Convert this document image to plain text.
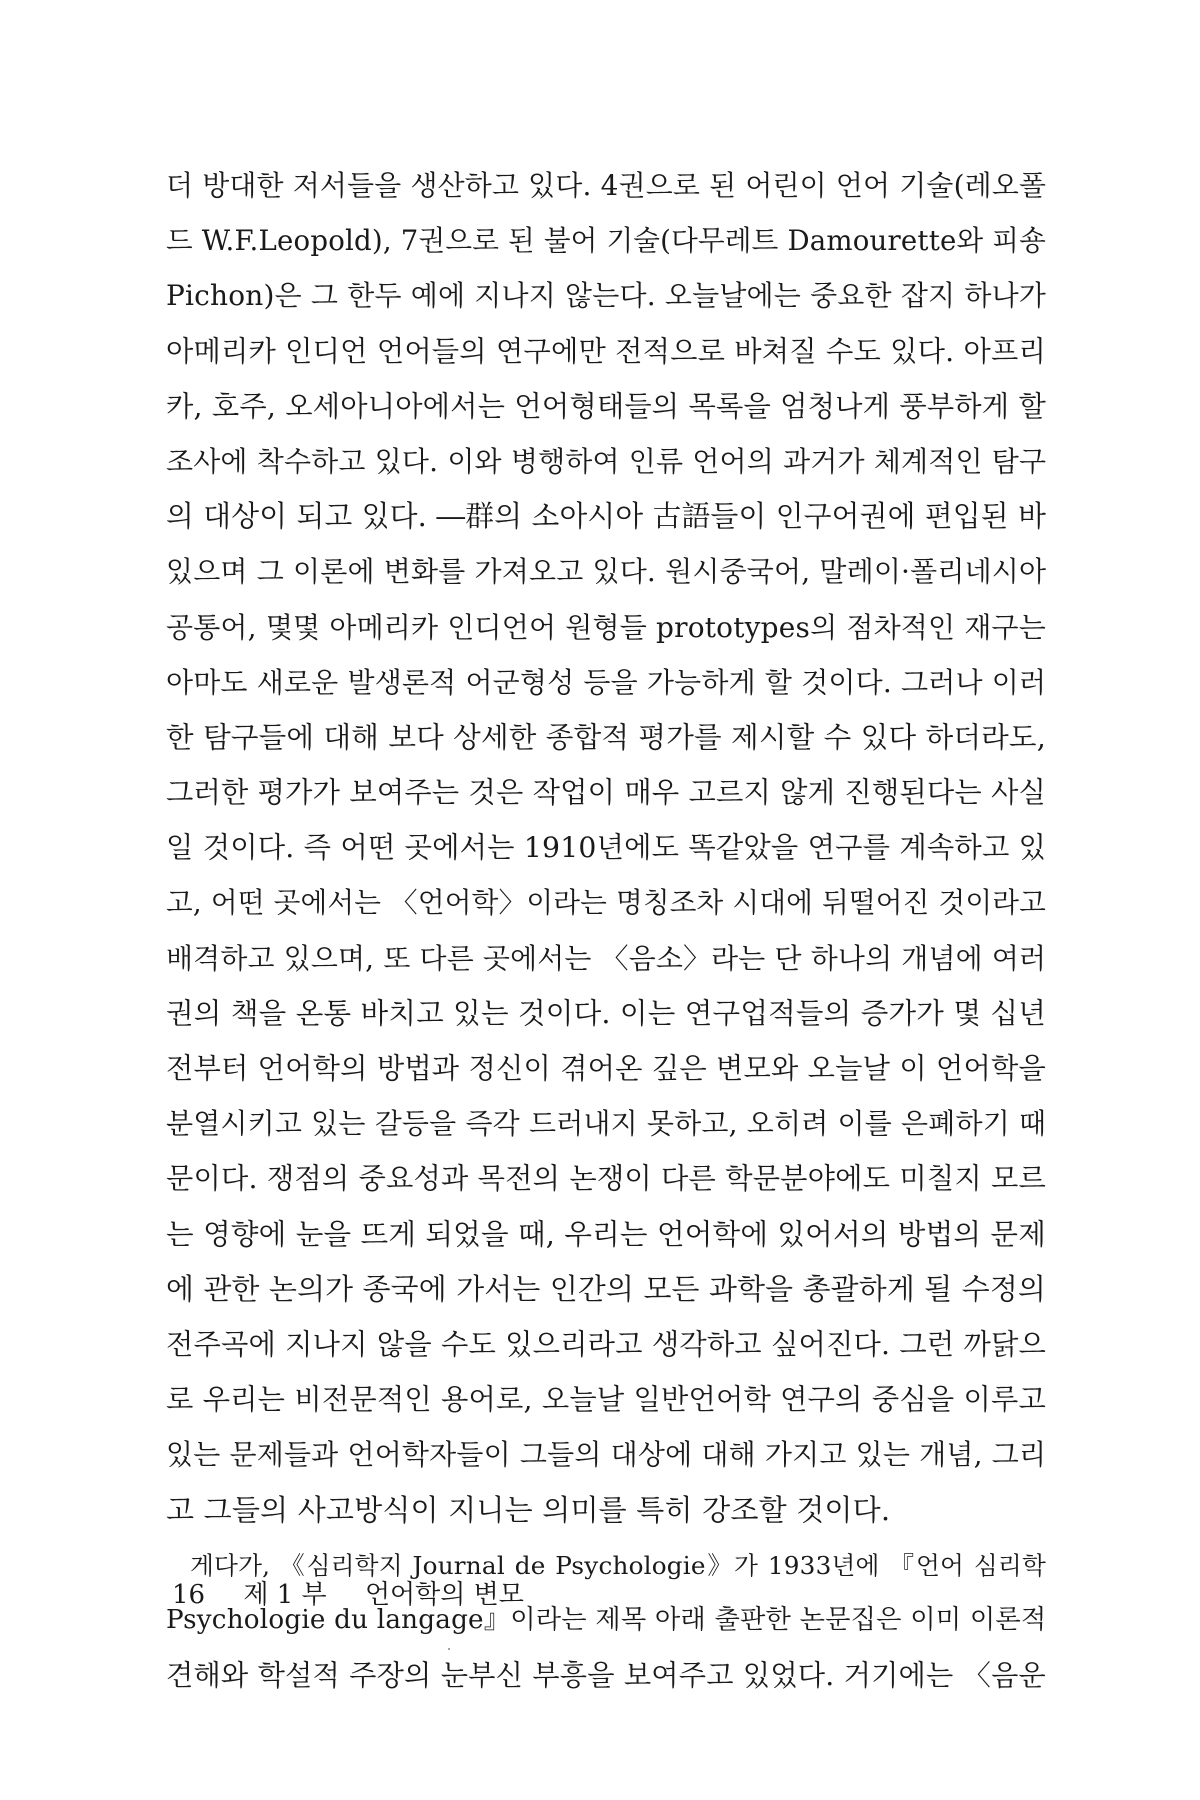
더 방대한 저서들을 생산하고 있다. 4권으로 된 어린이 언어 기술(레오폴
드 W.F.Leopold), 7권으로 된 불어 기술(다무레트 Damourette와 피숑
Pichon)은 그 한두 예에 지나지 않는다. 오늘날에는 중요한 잡지 하나가
아메리카 인디언 언어들의 연구에만 전적으로 바쳐질 수도 있다. 아프리
카, 호주, 오세아니아에서는 언어형태들의 목록을 엄청나게 풍부하게 할
조사에 착수하고 있다. 이와 병행하여 인류 언어의 과거가 체계적인 탐구
의 대상이 되고 있다. ―群의 소아시아 古語들이 인구어권에 편입된 바
있으며 그 이론에 변화를 가져오고 있다. 원시중국어, 말레이·폴리네시아
공통어, 몇몇 아메리카 인디언어 원형들 prototypes의 점차적인 재구는
아마도 새로운 발생론적 어군형성 등을 가능하게 할 것이다. 그러나 이러
한 탐구들에 대해 보다 상세한 종합적 평가를 제시할 수 있다 하더라도,
그러한 평가가 보여주는 것은 작업이 매우 고르지 않게 진행된다는 사실
일 것이다. 즉 어떤 곳에서는 1910년에도 똑같았을 연구를 계속하고 있
고, 어떤 곳에서는 〈언어학〉이라는 명칭조차 시대에 뒤떨어진 것이라고
배격하고 있으며, 또 다른 곳에서는 〈음소〉라는 단 하나의 개념에 여러
권의 책을 온통 바치고 있는 것이다. 이는 연구업적들의 증가가 몇 십년
전부터 언어학의 방법과 정신이 겪어온 깊은 변모와 오늘날 이 언어학을
분열시키고 있는 갈등을 즉각 드러내지 못하고, 오히려 이를 은폐하기 때
문이다. 쟁점의 중요성과 목전의 논쟁이 다른 학문분야에도 미칠지 모르
는 영향에 눈을 뜨게 되었을 때, 우리는 언어학에 있어서의 방법의 문제
에 관한 논의가 종국에 가서는 인간의 모든 과학을 총괄하게 될 수정의
전주곡에 지나지 않을 수도 있으리라고 생각하고 싶어진다. 그런 까닭으
로 우리는 비전문적인 용어로, 오늘날 일반언어학 연구의 중심을 이루고
있는 문제들과 언어학자들이 그들의 대상에 대해 가지고 있는 개념, 그리
고 그들의 사고방식이 지니는 의미를 특히 강조할 것이다.
게다가, 《심리학지 Journal de Psychologie》가 1933년에 『언어 심리학
Psychologie du langage』이라는 제목 아래 출판한 논문집은 이미 이론적
견해와 학설적 주장의 눈부신 부흥을 보여주고 있었다. 거기에는 〈음운
16 제 1 부 언어학의 변모
